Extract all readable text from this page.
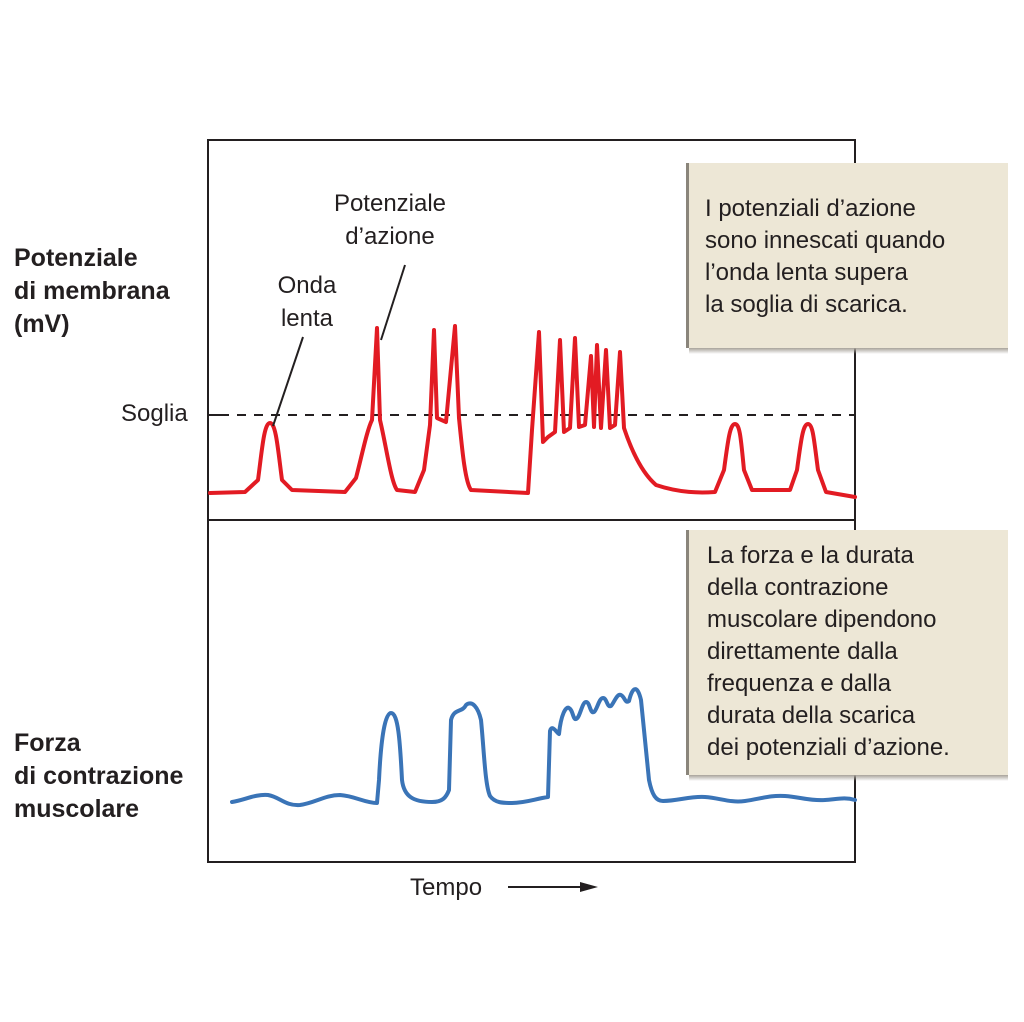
Potenziale
di membrana
(mV)
Forza
di contrazione
muscolare
Soglia
Potenziale
d’azione
Onda
lenta
Tempo
I potenziali d’azione
sono innescati quando
l’onda lenta supera
la soglia di scarica.
La forza e la durata
della contrazione
muscolare dipendono
direttamente dalla
frequenza e dalla
durata della scarica
dei potenziali d’azione.
